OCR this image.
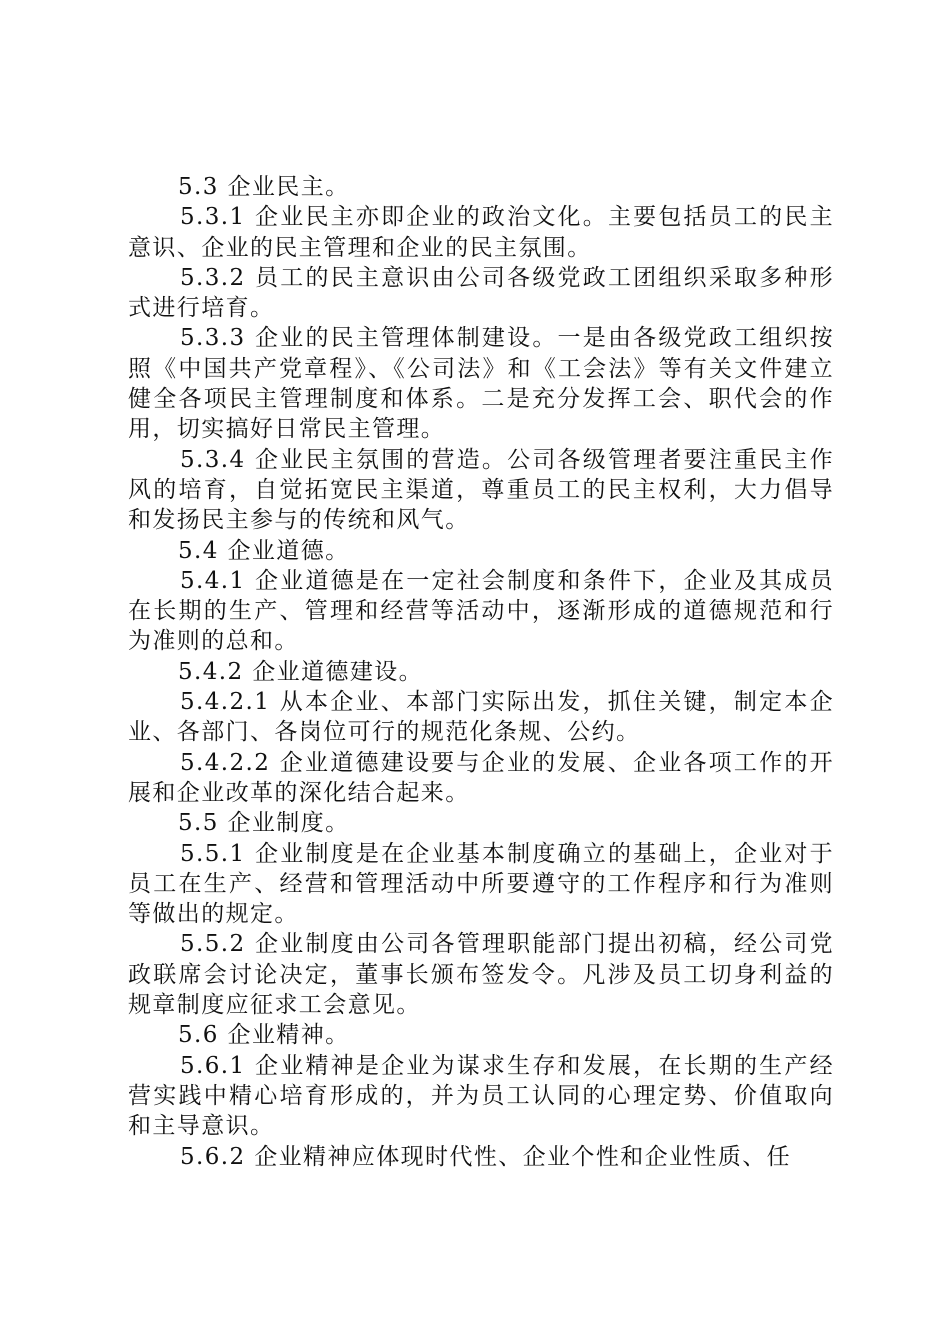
5.3 企业民主。

5.3.1 企业民主亦即企业的政治文化。主要包括员工的民主意识、企业的民主管理和企业的民主氛围。

5.3.2 员工的民主意识由公司各级党政工团组织采取多种形式进行培育。

5.3.3 企业的民主管理体制建设。一是由各级党政工组织按照《中国共产党章程》、《公司法》和《工会法》等有关文件建立健全各项民主管理制度和体系。二是充分发挥工会、职代会的作用，切实搞好日常民主管理。

5.3.4 企业民主氛围的营造。公司各级管理者要注重民主作风的培育，自觉拓宽民主渠道，尊重员工的民主权利，大力倡导和发扬民主参与的传统和风气。

5.4 企业道德。

5.4.1 企业道德是在一定社会制度和条件下，企业及其成员在长期的生产、管理和经营等活动中，逐渐形成的道德规范和行为准则的总和。

5.4.2 企业道德建设。

5.4.2.1 从本企业、本部门实际出发，抓住关键，制定本企业、各部门、各岗位可行的规范化条规、公约。

5.4.2.2 企业道德建设要与企业的发展、企业各项工作的开展和企业改革的深化结合起来。

5.5 企业制度。

5.5.1 企业制度是在企业基本制度确立的基础上，企业对于员工在生产、经营和管理活动中所要遵守的工作程序和行为准则等做出的规定。

5.5.2 企业制度由公司各管理职能部门提出初稿，经公司党政联席会讨论决定，董事长颁布签发令。凡涉及员工切身利益的规章制度应征求工会意见。

5.6 企业精神。

5.6.1 企业精神是企业为谋求生存和发展，在长期的生产经营实践中精心培育形成的，并为员工认同的心理定势、价值取向和主导意识。

5.6.2 企业精神应体现时代性、企业个性和企业性质、任
